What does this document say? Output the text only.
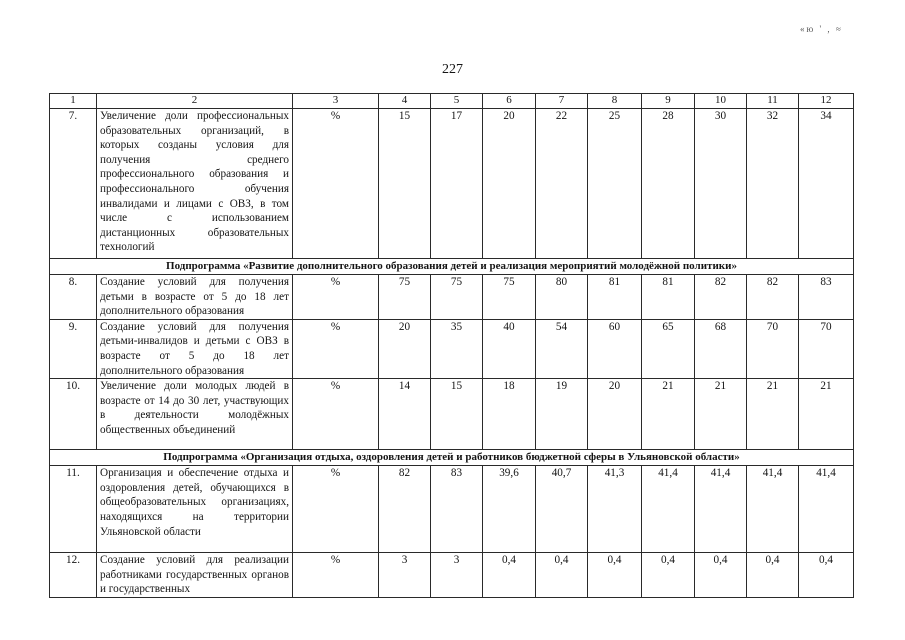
227
«ю ' , ≈
1	2	3	4	5	6	7	8	9	10	11	12
7.	Увеличение доли профессиональных образовательных организаций, в которых созданы условия для получения среднего профессионального образования и профессионального обучения инвалидами и лицами с ОВЗ, в том числе с использованием дистанционных образовательных технологий	%	15	17	20	22	25	28	30	32	34
Подпрограмма «Развитие дополнительного образования детей и реализация мероприятий молодёжной политики»											
8.	Создание условий для получения детьми в возрасте от 5 до 18 лет дополнительного образования	%	75	75	75	80	81	81	82	82	83
9.	Создание условий для получения детьми-инвалидов и детьми с ОВЗ в возрасте от 5 до 18 лет дополнительного образования	%	20	35	40	54	60	65	68	70	70
10.	Увеличение доли молодых людей в возрасте от 14 до 30 лет, участвующих в деятельности молодёжных общественных объединений	%	14	15	18	19	20	21	21	21	21
Подпрограмма «Организация отдыха, оздоровления детей и работников бюджетной сферы в Ульяновской области»											
11.	Организация и обеспечение отдыха и оздоровления детей, обучающихся в общеобразовательных организациях, находящихся на территории Ульяновской области	%	82	83	39,6	40,7	41,3	41,4	41,4	41,4	41,4
12.	Создание условий для реализации работниками государственных органов и государственных	%	3	3	0,4	0,4	0,4	0,4	0,4	0,4	0,4
